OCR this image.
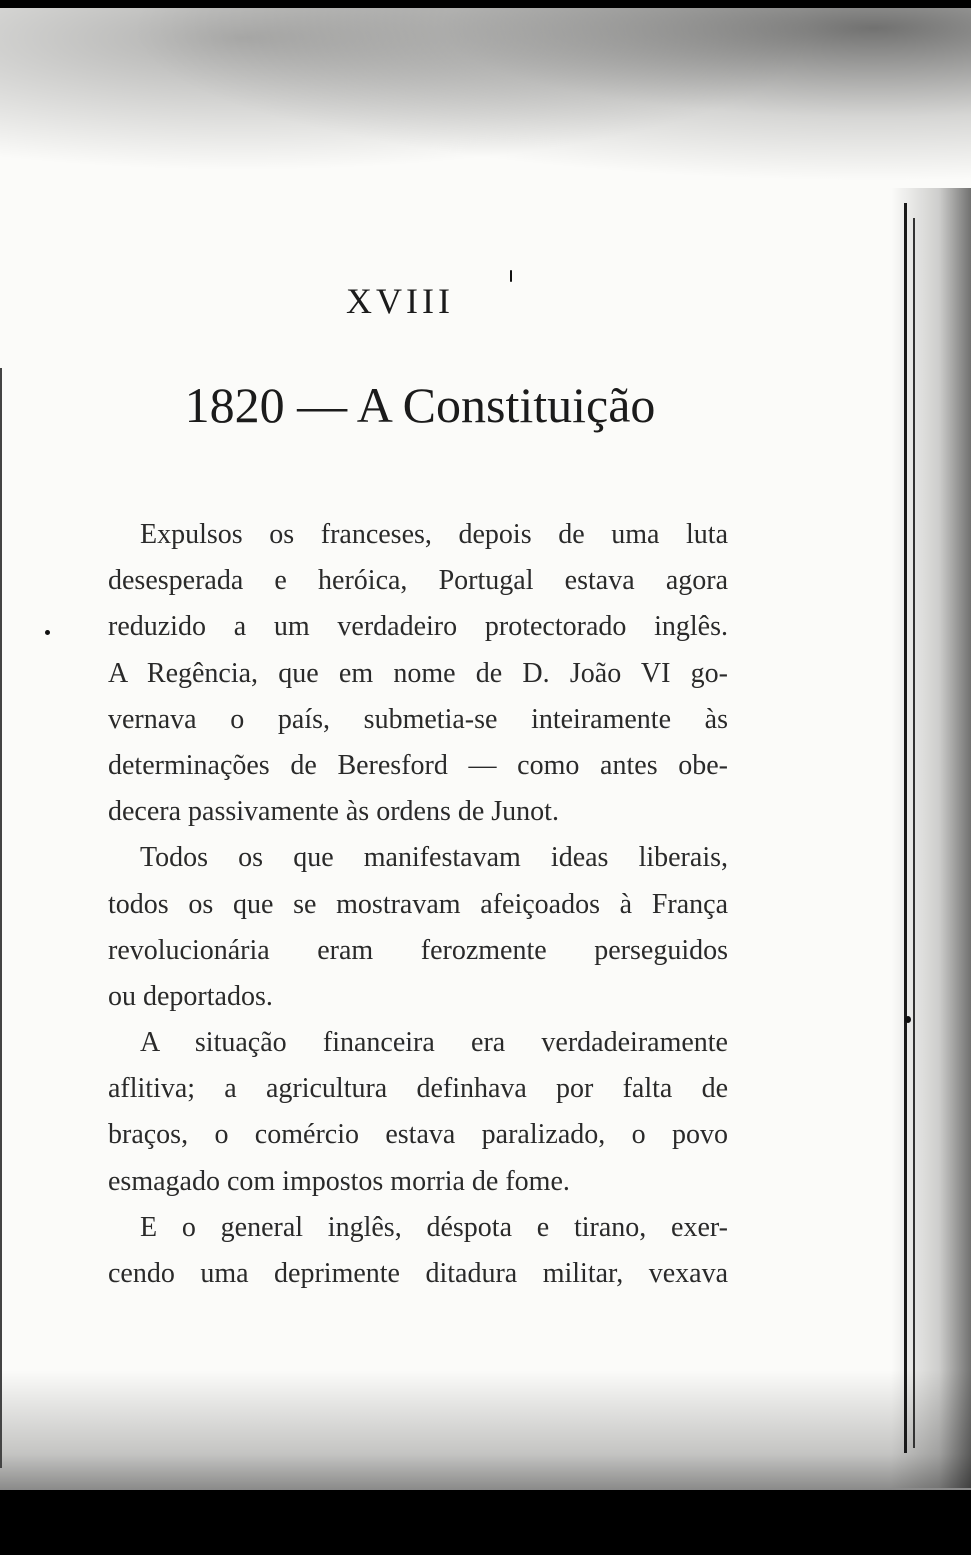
XVIII
1820 — A Constituição
Expulsos os franceses, depois de uma luta
desesperada e heróica, Portugal estava agora
reduzido a um verdadeiro protectorado inglês.
A Regência, que em nome de D. João VI go-
vernava o país, submetia-se inteiramente às
determinações de Beresford — como antes obe-
decera passivamente às ordens de Junot.
Todos os que manifestavam ideas liberais,
todos os que se mostravam afeiçoados à França
revolucionária eram ferozmente perseguidos
ou deportados.
A situação financeira era verdadeiramente
aflitiva; a agricultura definhava por falta de
braços, o comércio estava paralizado, o povo
esmagado com impostos morria de fome.
E o general inglês, déspota e tirano, exer-
cendo uma deprimente ditadura militar, vexava
